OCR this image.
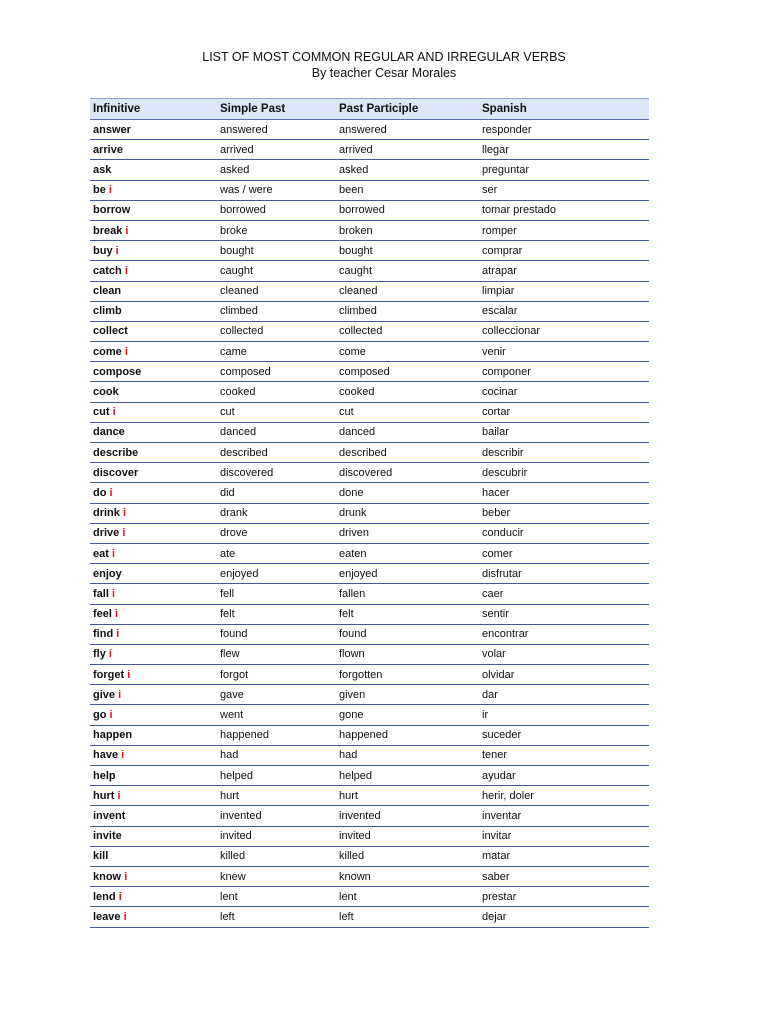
LIST OF MOST COMMON REGULAR AND IRREGULAR VERBS
By teacher Cesar Morales
Infinitive	Simple Past	Past Participle	Spanish
answer	answered	answered	responder
arrive	arrived	arrived	llegar
ask	asked	asked	preguntar
be i	was / were	been	ser
borrow	borrowed	borrowed	tomar prestado
break i	broke	broken	romper
buy i	bought	bought	comprar
catch i	caught	caught	atrapar
clean	cleaned	cleaned	limpiar
climb	climbed	climbed	escalar
collect	collected	collected	colleccionar
come i	came	come	venir
compose	composed	composed	componer
cook	cooked	cooked	cocinar
cut i	cut	cut	cortar
dance	danced	danced	bailar
describe	described	described	describir
discover	discovered	discovered	descubrir
do i	did	done	hacer
drink i	drank	drunk	beber
drive i	drove	driven	conducir
eat i	ate	eaten	comer
enjoy	enjoyed	enjoyed	disfrutar
fall i	fell	fallen	caer
feel i	felt	felt	sentir
find i	found	found	encontrar
fly i	flew	flown	volar
forget i	forgot	forgotten	olvidar
give i	gave	given	dar
go i	went	gone	ir
happen	happened	happened	suceder
have i	had	had	tener
help	helped	helped	ayudar
hurt i	hurt	hurt	herir, doler
invent	invented	invented	inventar
invite	invited	invited	invitar
kill	killed	killed	matar
know i	knew	known	saber
lend i	lent	lent	prestar
leave i	left	left	dejar
